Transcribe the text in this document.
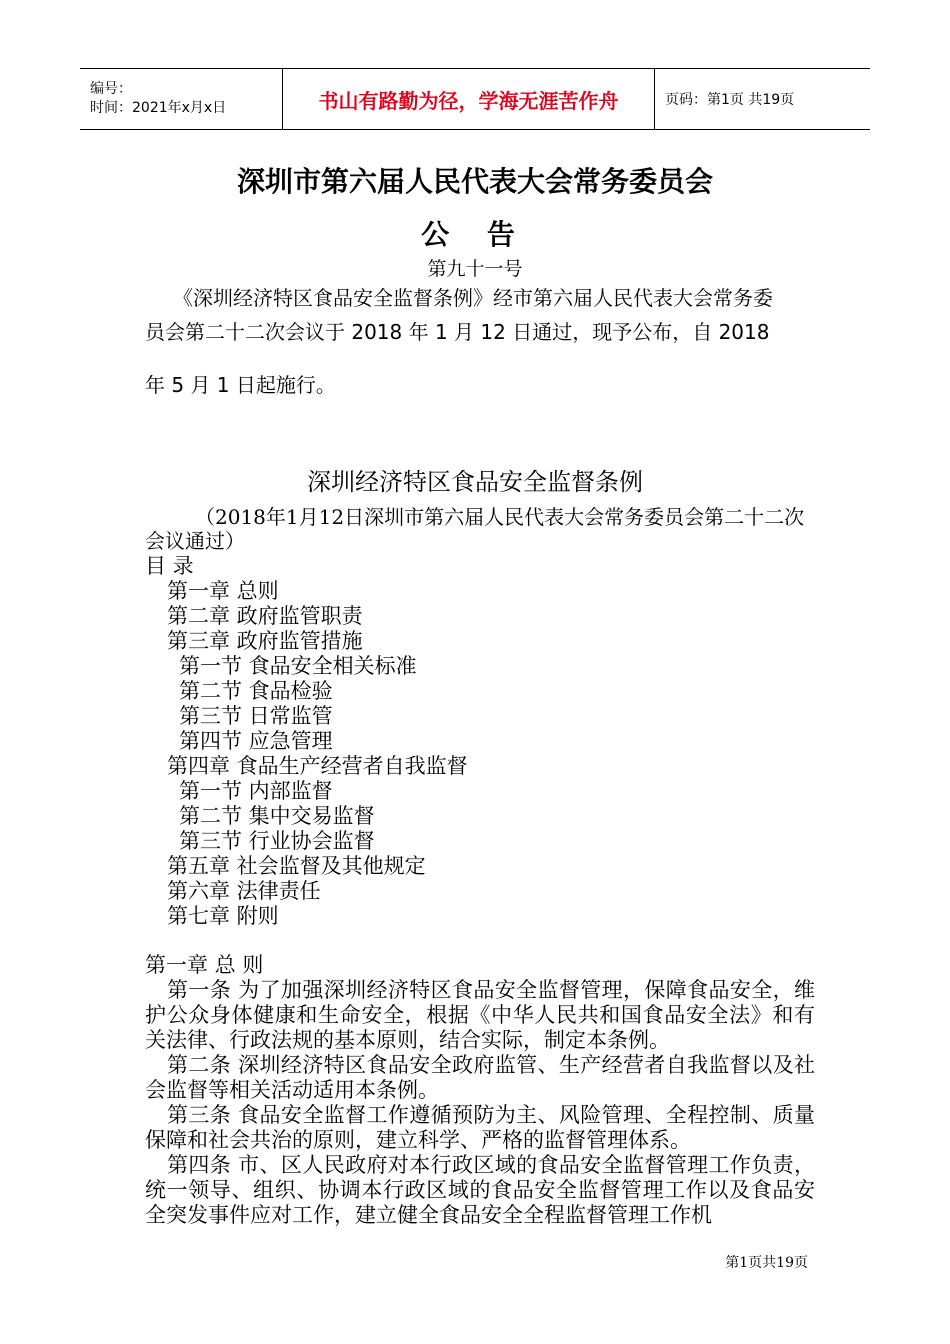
编号：
时间：2021年x月x日	书山有路勤为径，学海无涯苦作舟	页码：第1页 共19页
深圳市第六届人民代表大会常务委员会
公 告
第九十一号
《深圳经济特区食品安全监督条例》经市第六届人民代表大会常务委
员会第二十二次会议于 2018 年 1 月 12 日通过，现予公布，自 2018
年 5 月 1 日起施行。
深圳经济特区食品安全监督条例
（2018年1月12日深圳市第六届人民代表大会常务委员会第二十二次会议通过）
目 录
第一章 总则
第二章 政府监管职责
第三章 政府监管措施
第一节 食品安全相关标准
第二节 食品检验
第三节 日常监管
第四节 应急管理
第四章 食品生产经营者自我监督
第一节 内部监督
第二节 集中交易监督
第三节 行业协会监督
第五章 社会监督及其他规定
第六章 法律责任
第七章 附则

第一章 总 则

第一条 为了加强深圳经济特区食品安全监督管理，保障食品安全，维护公众身体健康和生命安全，根据《中华人民共和国食品安全法》和有关法律、行政法规的基本原则，结合实际，制定本条例。

第二条 深圳经济特区食品安全政府监管、生产经营者自我监督以及社会监督等相关活动适用本条例。

第三条 食品安全监督工作遵循预防为主、风险管理、全程控制、质量保障和社会共治的原则，建立科学、严格的监督管理体系。

第四条 市、区人民政府对本行政区域的食品安全监督管理工作负责，统一领导、组织、协调本行政区域的食品安全监督管理工作以及食品安全突发事件应对工作，建立健全食品安全全程监督管理工作机

第1页共19页
